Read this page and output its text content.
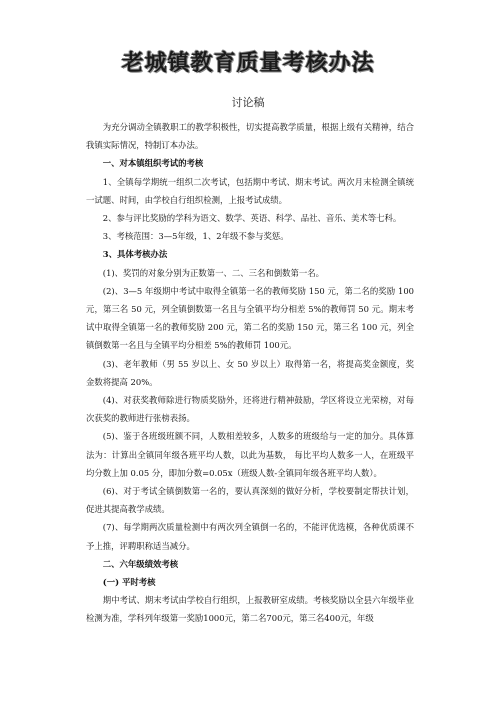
老城镇教育质量考核办法
讨论稿

为充分调动全镇教职工的教学积极性，切实提高教学质量，根据上级有关精神，结合我镇实际情况，特制订本办法。

一、对本镇组织考试的考核

1、全镇每学期统一组织二次考试，包括期中考试、期末考试。两次月末检测全镇统一试题、时间，由学校自行组织检测，上报考试成绩。

2、参与评比奖励的学科为语文、数学、英语、科学、品社、音乐、美术等七科。

3、考核范围：3—5年级，1、2年级不参与奖惩。

3、具体考核办法

(1)、奖罚的对象分别为正数第一、二、三名和倒数第一名。

(2)、3—5 年级期中考试中取得全镇第一名的教师奖励 150 元，第二名的奖励 100 元，第三名 50 元，列全镇倒数第一名且与全镇平均分相差 5%的教师罚 50 元。期末考试中取得全镇第一名的教师奖励 200 元，第二名的奖励 150 元，第三名 100 元，列全镇倒数第一名且与全镇平均分相差 5%的教师罚 100元。

(3)、老年教师（男 55 岁以上、女 50 岁以上）取得第一名，将提高奖金额度，奖金数将提高 20%。

(4)、对获奖教师除进行物质奖励外，还将进行精神鼓励，学区将设立光荣榜，对每次获奖的教师进行张榜表扬。

(5)、鉴于各班级班额不同，人数相差较多，人数多的班级给与一定的加分。具体算法为：计算出全镇同年级各班平均人数，以此为基数， 每比平均人数多一人，在班级平均分数上加 0.05 分，即加分数=0.05x（班级人数-全镇同年级各班平均人数）。

(6)、对于考试全镇倒数第一名的，要认真深刻的做好分析，学校要制定帮扶计划，促进其提高教学成绩。

(7)、每学期两次质量检测中有两次列全镇倒一名的，不能评优选模，各种优质课不予上推，评聘职称适当减分。

二、六年级绩效考核

(一) 平时考核

期中考试、期末考试由学校自行组织，上报教研室成绩。考核奖励以全县六年级毕业检测为准，学科列年级第一奖励1000元，第二名700元，第三名400元，年级
